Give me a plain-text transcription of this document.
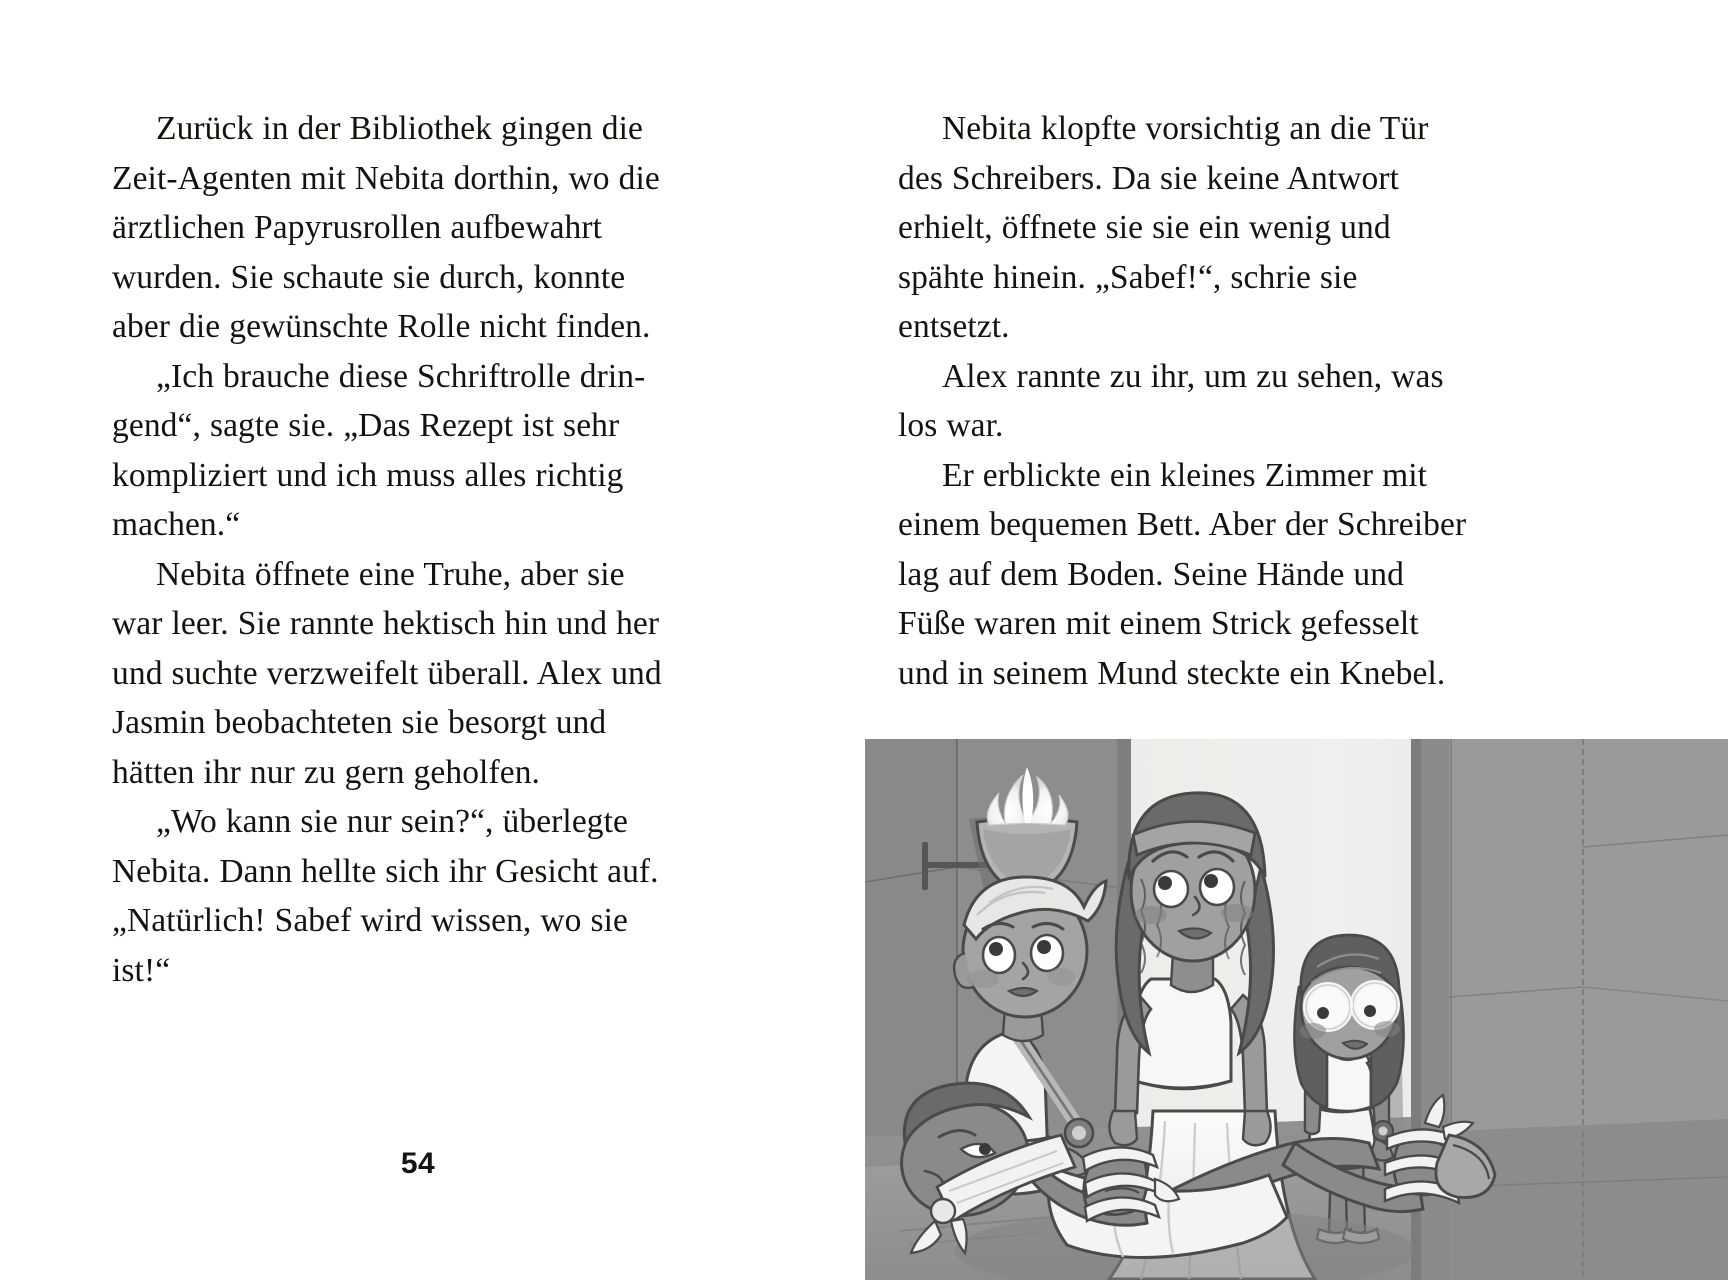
Zurück in der Bibliothek gingen die Zeit-Agenten mit Nebita dorthin, wo die ärztlichen Papyrusrollen aufbewahrt wurden. Sie schaute sie durch, konnte aber die gewünschte Rolle nicht finden.

„Ich brauche diese Schriftrolle drin-gend“, sagte sie. „Das Rezept ist sehr kompliziert und ich muss alles richtig machen.“

Nebita öffnete eine Truhe, aber sie war leer. Sie rannte hektisch hin und her und suchte verzweifelt überall. Alex und Jasmin beobachteten sie besorgt und hätten ihr nur zu gern geholfen.

„Wo kann sie nur sein?“, überlegte Nebita. Dann hellte sich ihr Gesicht auf. „Natürlich! Sabef wird wissen, wo sie ist!“

Nebita klopfte vorsichtig an die Tür des Schreibers. Da sie keine Antwort erhielt, öffnete sie sie ein wenig und spähte hinein. „Sabef!“, schrie sie entsetzt.

Alex rannte zu ihr, um zu sehen, was los war.

Er erblickte ein kleines Zimmer mit einem bequemen Bett. Aber der Schreiber lag auf dem Boden. Seine Hände und Füße waren mit einem Strick gefesselt und in seinem Mund steckte ein Knebel.

54
